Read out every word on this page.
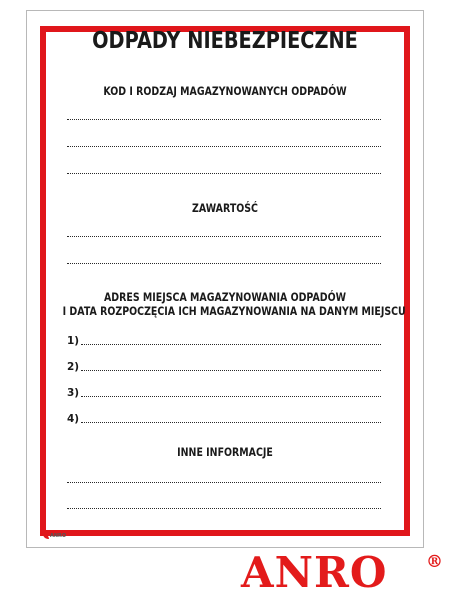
ODPADY NIEBEZPIECZNE
KOD I RODZAJ MAGAZYNOWANYCH ODPADÓW
ZAWARTOŚĆ
ADRES MIEJSCA MAGAZYNOWANIA ODPADÓW
I DATA ROZPOCZĘCIA ICH MAGAZYNOWANIA NA DANYM MIEJSCU
1)
2)
3)
4)
INNE INFORMACJE
ANRO
ANRO ®
